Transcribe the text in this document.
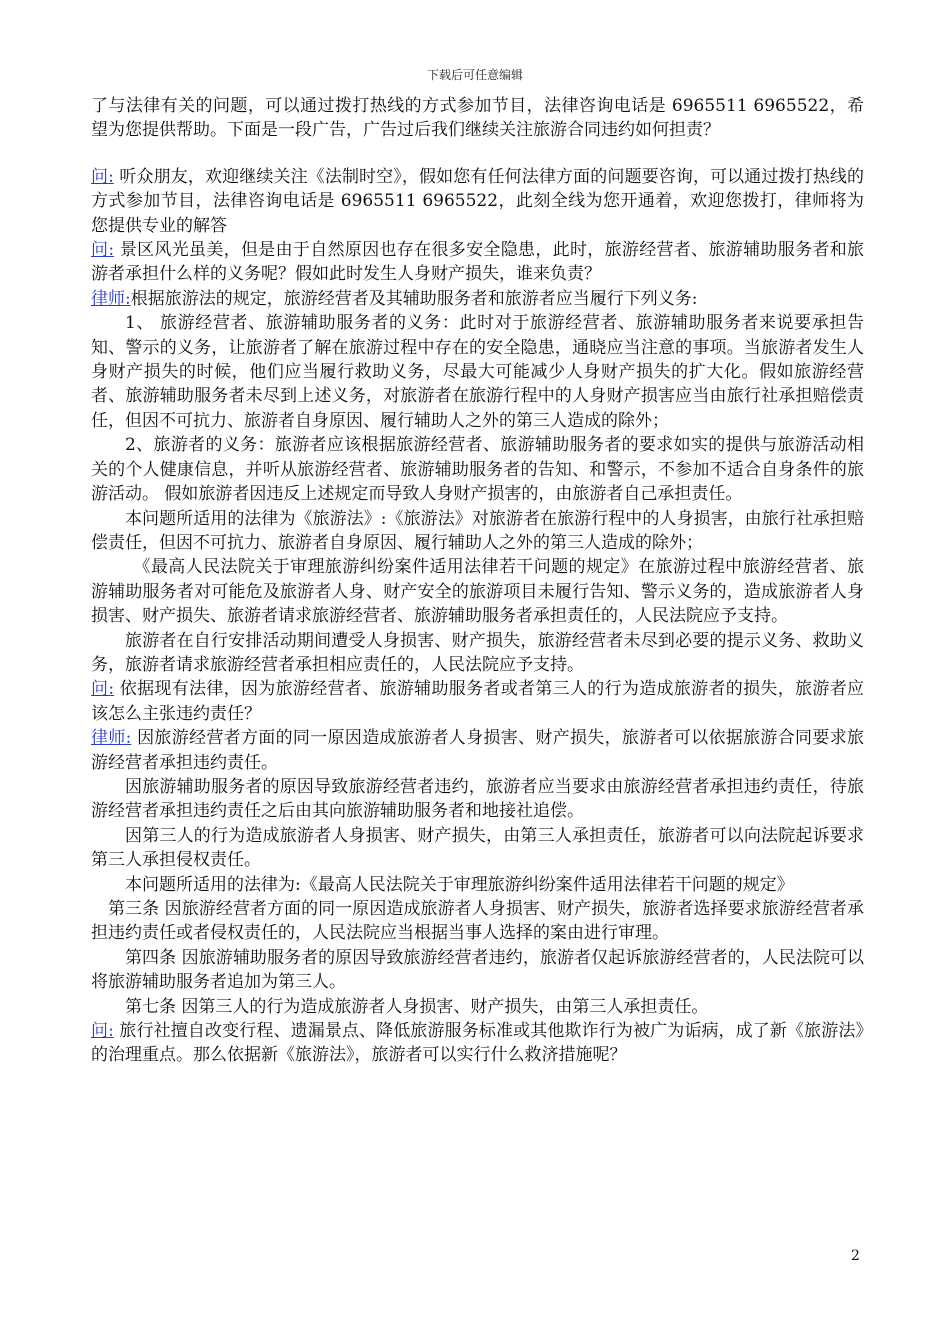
下载后可任意编辑

了与法律有关的问题，可以通过拨打热线的方式参加节目，法律咨询电话是 6965511 6965522，希望为您提供帮助。下面是一段广告，广告过后我们继续关注旅游合同违约如何担责？

问: 听众朋友，欢迎继续关注《法制时空》，假如您有任何法律方面的问题要咨询，可以通过拨打热线的方式参加节目，法律咨询电话是 6965511 6965522，此刻全线为您开通着，欢迎您拨打，律师将为您提供专业的解答

问: 景区风光虽美，但是由于自然原因也存在很多安全隐患，此时，旅游经营者、旅游辅助服务者和旅游者承担什么样的义务呢？假如此时发生人身财产损失，谁来负责？

律师:根据旅游法的规定，旅游经营者及其辅助服务者和旅游者应当履行下列义务:

1、 旅游经营者、旅游辅助服务者的义务：此时对于旅游经营者、旅游辅助服务者来说要承担告知、警示的义务，让旅游者了解在旅游过程中存在的安全隐患，通晓应当注意的事项。当旅游者发生人身财产损失的时候，他们应当履行救助义务，尽最大可能减少人身财产损失的扩大化。假如旅游经营者、旅游辅助服务者未尽到上述义务，对旅游者在旅游行程中的人身财产损害应当由旅行社承担赔偿责任，但因不可抗力、旅游者自身原因、履行辅助人之外的第三人造成的除外；

2、旅游者的义务：旅游者应该根据旅游经营者、旅游辅助服务者的要求如实的提供与旅游活动相关的个人健康信息，并听从旅游经营者、旅游辅助服务者的告知、和警示，不参加不适合自身条件的旅游活动。 假如旅游者因违反上述规定而导致人身财产损害的，由旅游者自己承担责任。

本问题所适用的法律为《旅游法》:《旅游法》对旅游者在旅游行程中的人身损害，由旅行社承担赔偿责任，但因不可抗力、旅游者自身原因、履行辅助人之外的第三人造成的除外；

《最高人民法院关于审理旅游纠纷案件适用法律若干问题的规定》在旅游过程中旅游经营者、旅游辅助服务者对可能危及旅游者人身、财产安全的旅游项目未履行告知、警示义务的，造成旅游者人身损害、财产损失、旅游者请求旅游经营者、旅游辅助服务者承担责任的，人民法院应予支持。

旅游者在自行安排活动期间遭受人身损害、财产损失，旅游经营者未尽到必要的提示义务、救助义务，旅游者请求旅游经营者承担相应责任的，人民法院应予支持。

问: 依据现有法律，因为旅游经营者、旅游辅助服务者或者第三人的行为造成旅游者的损失，旅游者应该怎么主张违约责任？

律师: 因旅游经营者方面的同一原因造成旅游者人身损害、财产损失，旅游者可以依据旅游合同要求旅游经营者承担违约责任。

因旅游辅助服务者的原因导致旅游经营者违约，旅游者应当要求由旅游经营者承担违约责任，待旅游经营者承担违约责任之后由其向旅游辅助服务者和地接社追偿。

因第三人的行为造成旅游者人身损害、财产损失，由第三人承担责任，旅游者可以向法院起诉要求第三人承担侵权责任。

本问题所适用的法律为:《最高人民法院关于审理旅游纠纷案件适用法律若干问题的规定》

第三条 因旅游经营者方面的同一原因造成旅游者人身损害、财产损失，旅游者选择要求旅游经营者承担违约责任或者侵权责任的，人民法院应当根据当事人选择的案由进行审理。

第四条 因旅游辅助服务者的原因导致旅游经营者违约，旅游者仅起诉旅游经营者的，人民法院可以将旅游辅助服务者追加为第三人。

第七条 因第三人的行为造成旅游者人身损害、财产损失，由第三人承担责任。

问: 旅行社擅自改变行程、遗漏景点、降低旅游服务标准或其他欺诈行为被广为诟病，成了新《旅游法》的治理重点。那么依据新《旅游法》，旅游者可以实行什么救济措施呢？

2
